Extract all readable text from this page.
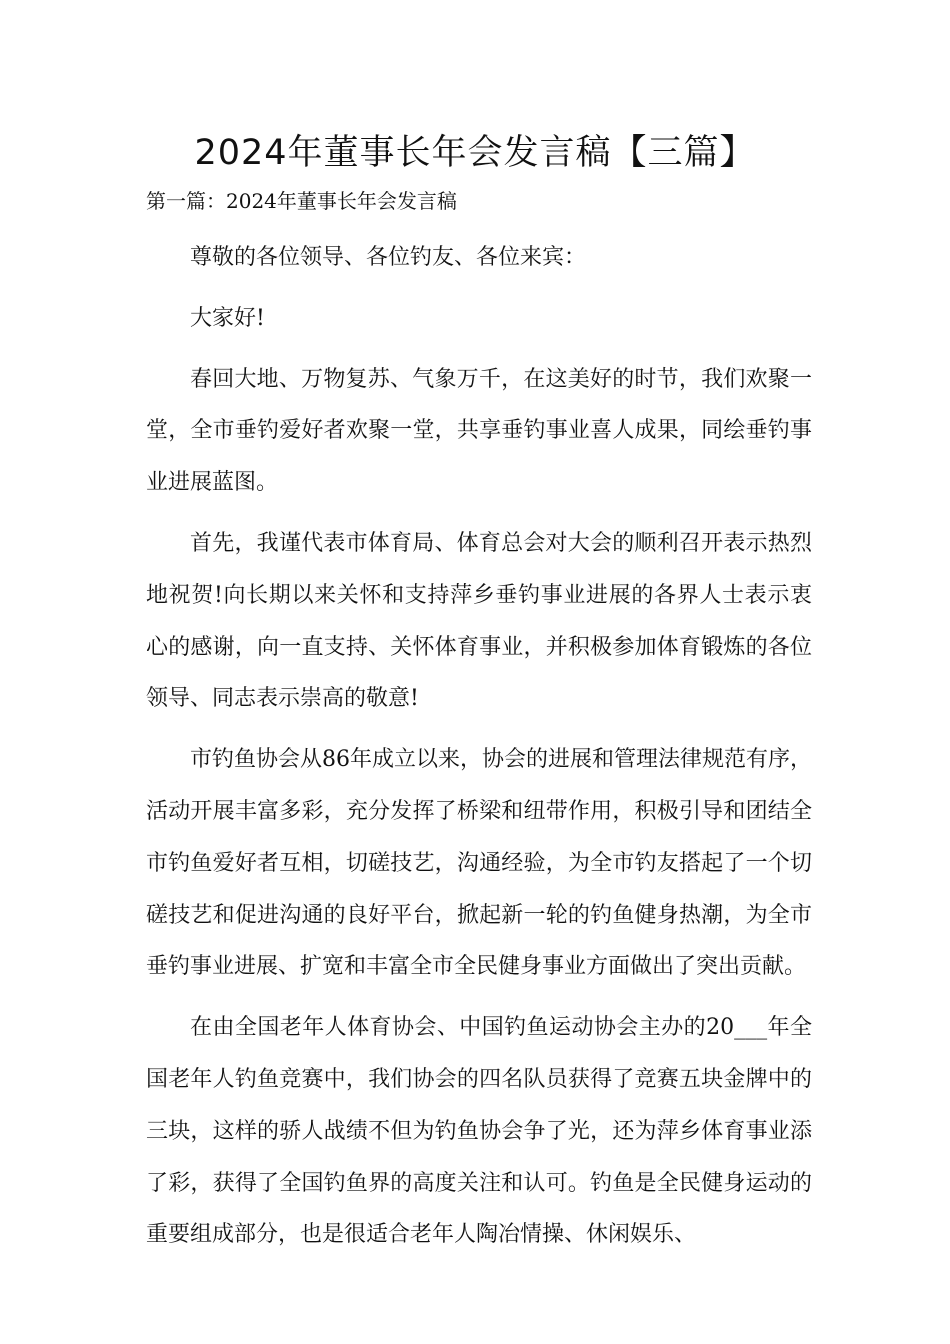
2024年董事长年会发言稿【三篇】
第一篇：2024年董事长年会发言稿

尊敬的各位领导、各位钓友、各位来宾：

大家好!

春回大地、万物复苏、气象万千，在这美好的时节，我们欢聚一堂，全市垂钓爱好者欢聚一堂，共享垂钓事业喜人成果，同绘垂钓事业进展蓝图。

首先，我谨代表市体育局、体育总会对大会的顺利召开表示热烈地祝贺!向长期以来关怀和支持萍乡垂钓事业进展的各界人士表示衷心的感谢，向一直支持、关怀体育事业，并积极参加体育锻炼的各位领导、同志表示崇高的敬意!

市钓鱼协会从86年成立以来，协会的进展和管理法律规范有序，活动开展丰富多彩，充分发挥了桥梁和纽带作用，积极引导和团结全市钓鱼爱好者互相，切磋技艺，沟通经验，为全市钓友搭起了一个切磋技艺和促进沟通的良好平台，掀起新一轮的钓鱼健身热潮，为全市垂钓事业进展、扩宽和丰富全市全民健身事业方面做出了突出贡献。

在由全国老年人体育协会、中国钓鱼运动协会主办的20___年全国老年人钓鱼竞赛中，我们协会的四名队员获得了竞赛五块金牌中的三块，这样的骄人战绩不但为钓鱼协会争了光，还为萍乡体育事业添了彩，获得了全国钓鱼界的高度关注和认可。钓鱼是全民健身运动的重要组成部分，也是很适合老年人陶冶情操、休闲娱乐、
